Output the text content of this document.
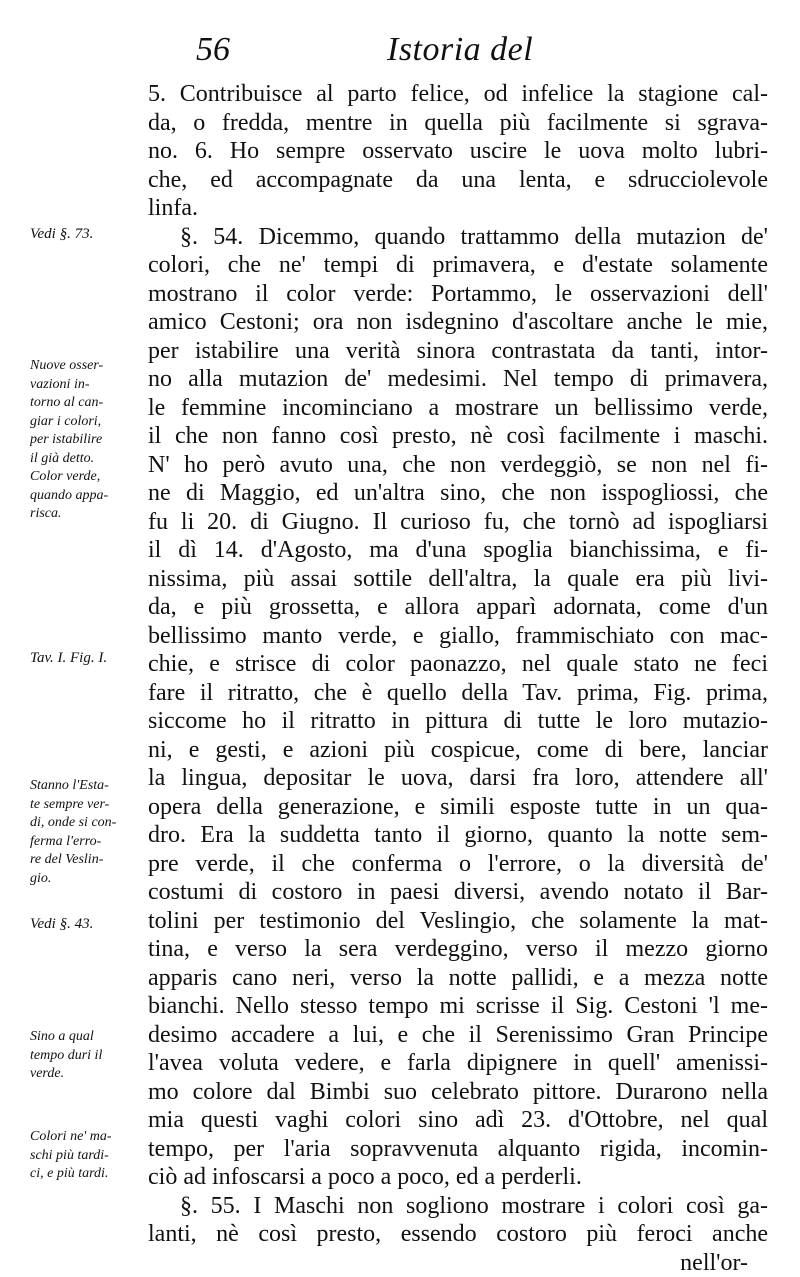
56	Istoria del
5. Contribuisce al parto felice, od infelice la stagione cal-
da, o fredda, mentre in quella più facilmente si sgrava-
no. 6. Ho sempre osservato uscire le uova molto lubri-
che, ed accompagnate da una lenta, e sdrucciolevole
linfa.
§. 54. Dicemmo, quando trattammo della mutazion de'
colori, che ne' tempi di primavera, e d'estate solamente
mostrano il color verde: Portammo, le osservazioni dell'
amico Cestoni; ora non isdegnino d'ascoltare anche le mie,
per istabilire una verità sinora contrastata da tanti, intor-
no alla mutazion de' medesimi. Nel tempo di primavera,
le femmine incominciano a mostrare un bellissimo verde,
il che non fanno così presto, nè così facilmente i maschi.
N' ho però avuto una, che non verdeggiò, se non nel fi-
ne di Maggio, ed un'altra sino, che non isspogliossi, che
fu li 20. di Giugno. Il curioso fu, che tornò ad ispogliarsi
il dì 14. d'Agosto, ma d'una spoglia bianchissima, e fi-
nissima, più assai sottile dell'altra, la quale era più livi-
da, e più grossetta, e allora apparì adornata, come d'un
bellissimo manto verde, e giallo, frammischiato con mac-
chie, e strisce di color paonazzo, nel quale stato ne feci
fare il ritratto, che è quello della Tav. prima, Fig. prima,
siccome ho il ritratto in pittura di tutte le loro mutazio-
ni, e gesti, e azioni più cospicue, come di bere, lanciar
la lingua, depositar le uova, darsi fra loro, attendere all'
opera della generazione, e simili esposte tutte in un qua-
dro. Era la suddetta tanto il giorno, quanto la notte sem-
pre verde, il che conferma o l'errore, o la diversità de'
costumi di costoro in paesi diversi, avendo notato il Bar-
tolini per testimonio del Veslingio, che solamente la mat-
tina, e verso la sera verdeggino, verso il mezzo giorno
apparis cano neri, verso la notte pallidi, e a mezza notte
bianchi. Nello stesso tempo mi scrisse il Sig. Cestoni 'l me-
desimo accadere a lui, e che il Serenissimo Gran Principe
l'avea voluta vedere, e farla dipignere in quell' amenissi-
mo colore dal Bimbi suo celebrato pittore. Durarono nella
mia questi vaghi colori sino adì 23. d'Ottobre, nel qual
tempo, per l'aria sopravvenuta alquanto rigida, incomin-
ciò ad infoscarsi a poco a poco, ed a perderli.
§. 55. I Maschi non sogliono mostrare i colori così ga-
lanti, nè così presto, essendo costoro più feroci anche
nell'or-
Vedi §. 73.
Nuove osser-
vazioni in-
torno al can-
giar i colori,
per istabilire
il già detto.
Color verde,
quando appa-
risca.
Tav. I. Fig. I.
Stanno l'Esta-
te sempre ver-
di, onde si con-
ferma l'erro-
re del Veslin-
gio.
Vedi §. 43.
Sino a qual
tempo duri il
verde.
Colori ne' ma-
schi più tardi-
ci, e più tardi.
